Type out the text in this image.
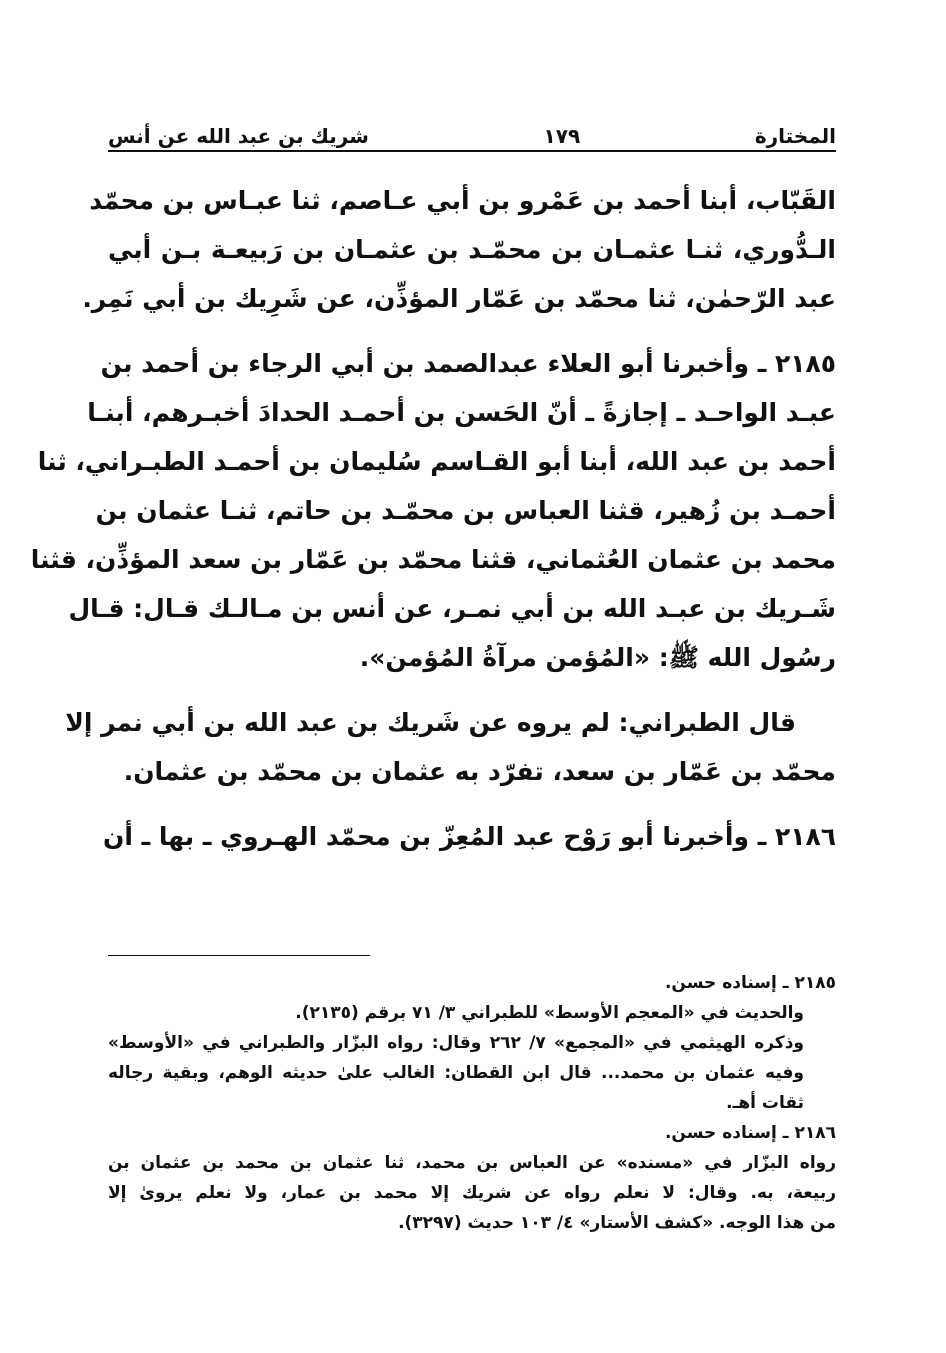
المختارة
١٧٩
شريك بن عبد الله عن أنس
القَبّاب، أبنا أحمد بن عَمْرو بن أبي عـاصم، ثنا عبـاس بن محمّد
الـدُّوري، ثنـا عثمـان بن محمّـد بن عثمـان بن رَبيعـة بـن أبي
عبد الرّحمٰن، ثنا محمّد بن عَمّار المؤذِّن، عن شَرِيك بن أبي نَمِر.
٢١٨٥ ـ وأخبرنا أبو العلاء عبدالصمد بن أبي الرجاء بن أحمد بن
عبـد الواحـد ـ إجازةً ـ أنّ الحَسن بن أحمـد الحدادَ أخبـرهم، أبنـا
أحمد بن عبد الله، أبنا أبو القـاسم سُليمان بن أحمـد الطبـراني، ثنا
أحمـد بن زُهير، قثنا العباس بن محمّـد بن حاتم، ثنـا عثمان بن
محمد بن عثمان العُثماني، قثنا محمّد بن عَمّار بن سعد المؤذِّن، قثنا
شَـريك بن عبـد الله بن أبي نمـر، عن أنس بن مـالـك قـال: قـال
رسُول الله ﷺ: «المُؤمن مرآةُ المُؤمن».
قال الطبراني: لم يروه عن شَريك بن عبد الله بن أبي نمر إلا
محمّد بن عَمّار بن سعد، تفرّد به عثمان بن محمّد بن عثمان.
٢١٨٦ ـ وأخبرنا أبو رَوْح عبد المُعِزّ بن محمّد الهـروي ـ بها ـ أن
٢١٨٥ ـ إسناده حسن.
والحديث في «المعجم الأوسط» للطبراني ٣/ ٧١ برقم (٢١٣٥).
وذكره الهيثمي في «المجمع» ٧/ ٢٦٢ وقال: رواه البزّار والطبراني في «الأوسط»
وفيه عثمان بن محمد... قال ابن القطان: الغالب علىٰ حديثه الوهم، وبقية رجاله
ثقات أهـ.
٢١٨٦ ـ إسناده حسن.
رواه البزّار في «مسنده» عن العباس بن محمد، ثنا عثمان بن محمد بن عثمان بن
ربيعة، به. وقال: لا نعلم رواه عن شريك إلا محمد بن عمار، ولا نعلم يروىٰ إلا
من هذا الوجه. «كشف الأستار» ٤/ ١٠٣ حديث (٣٢٩٧).
